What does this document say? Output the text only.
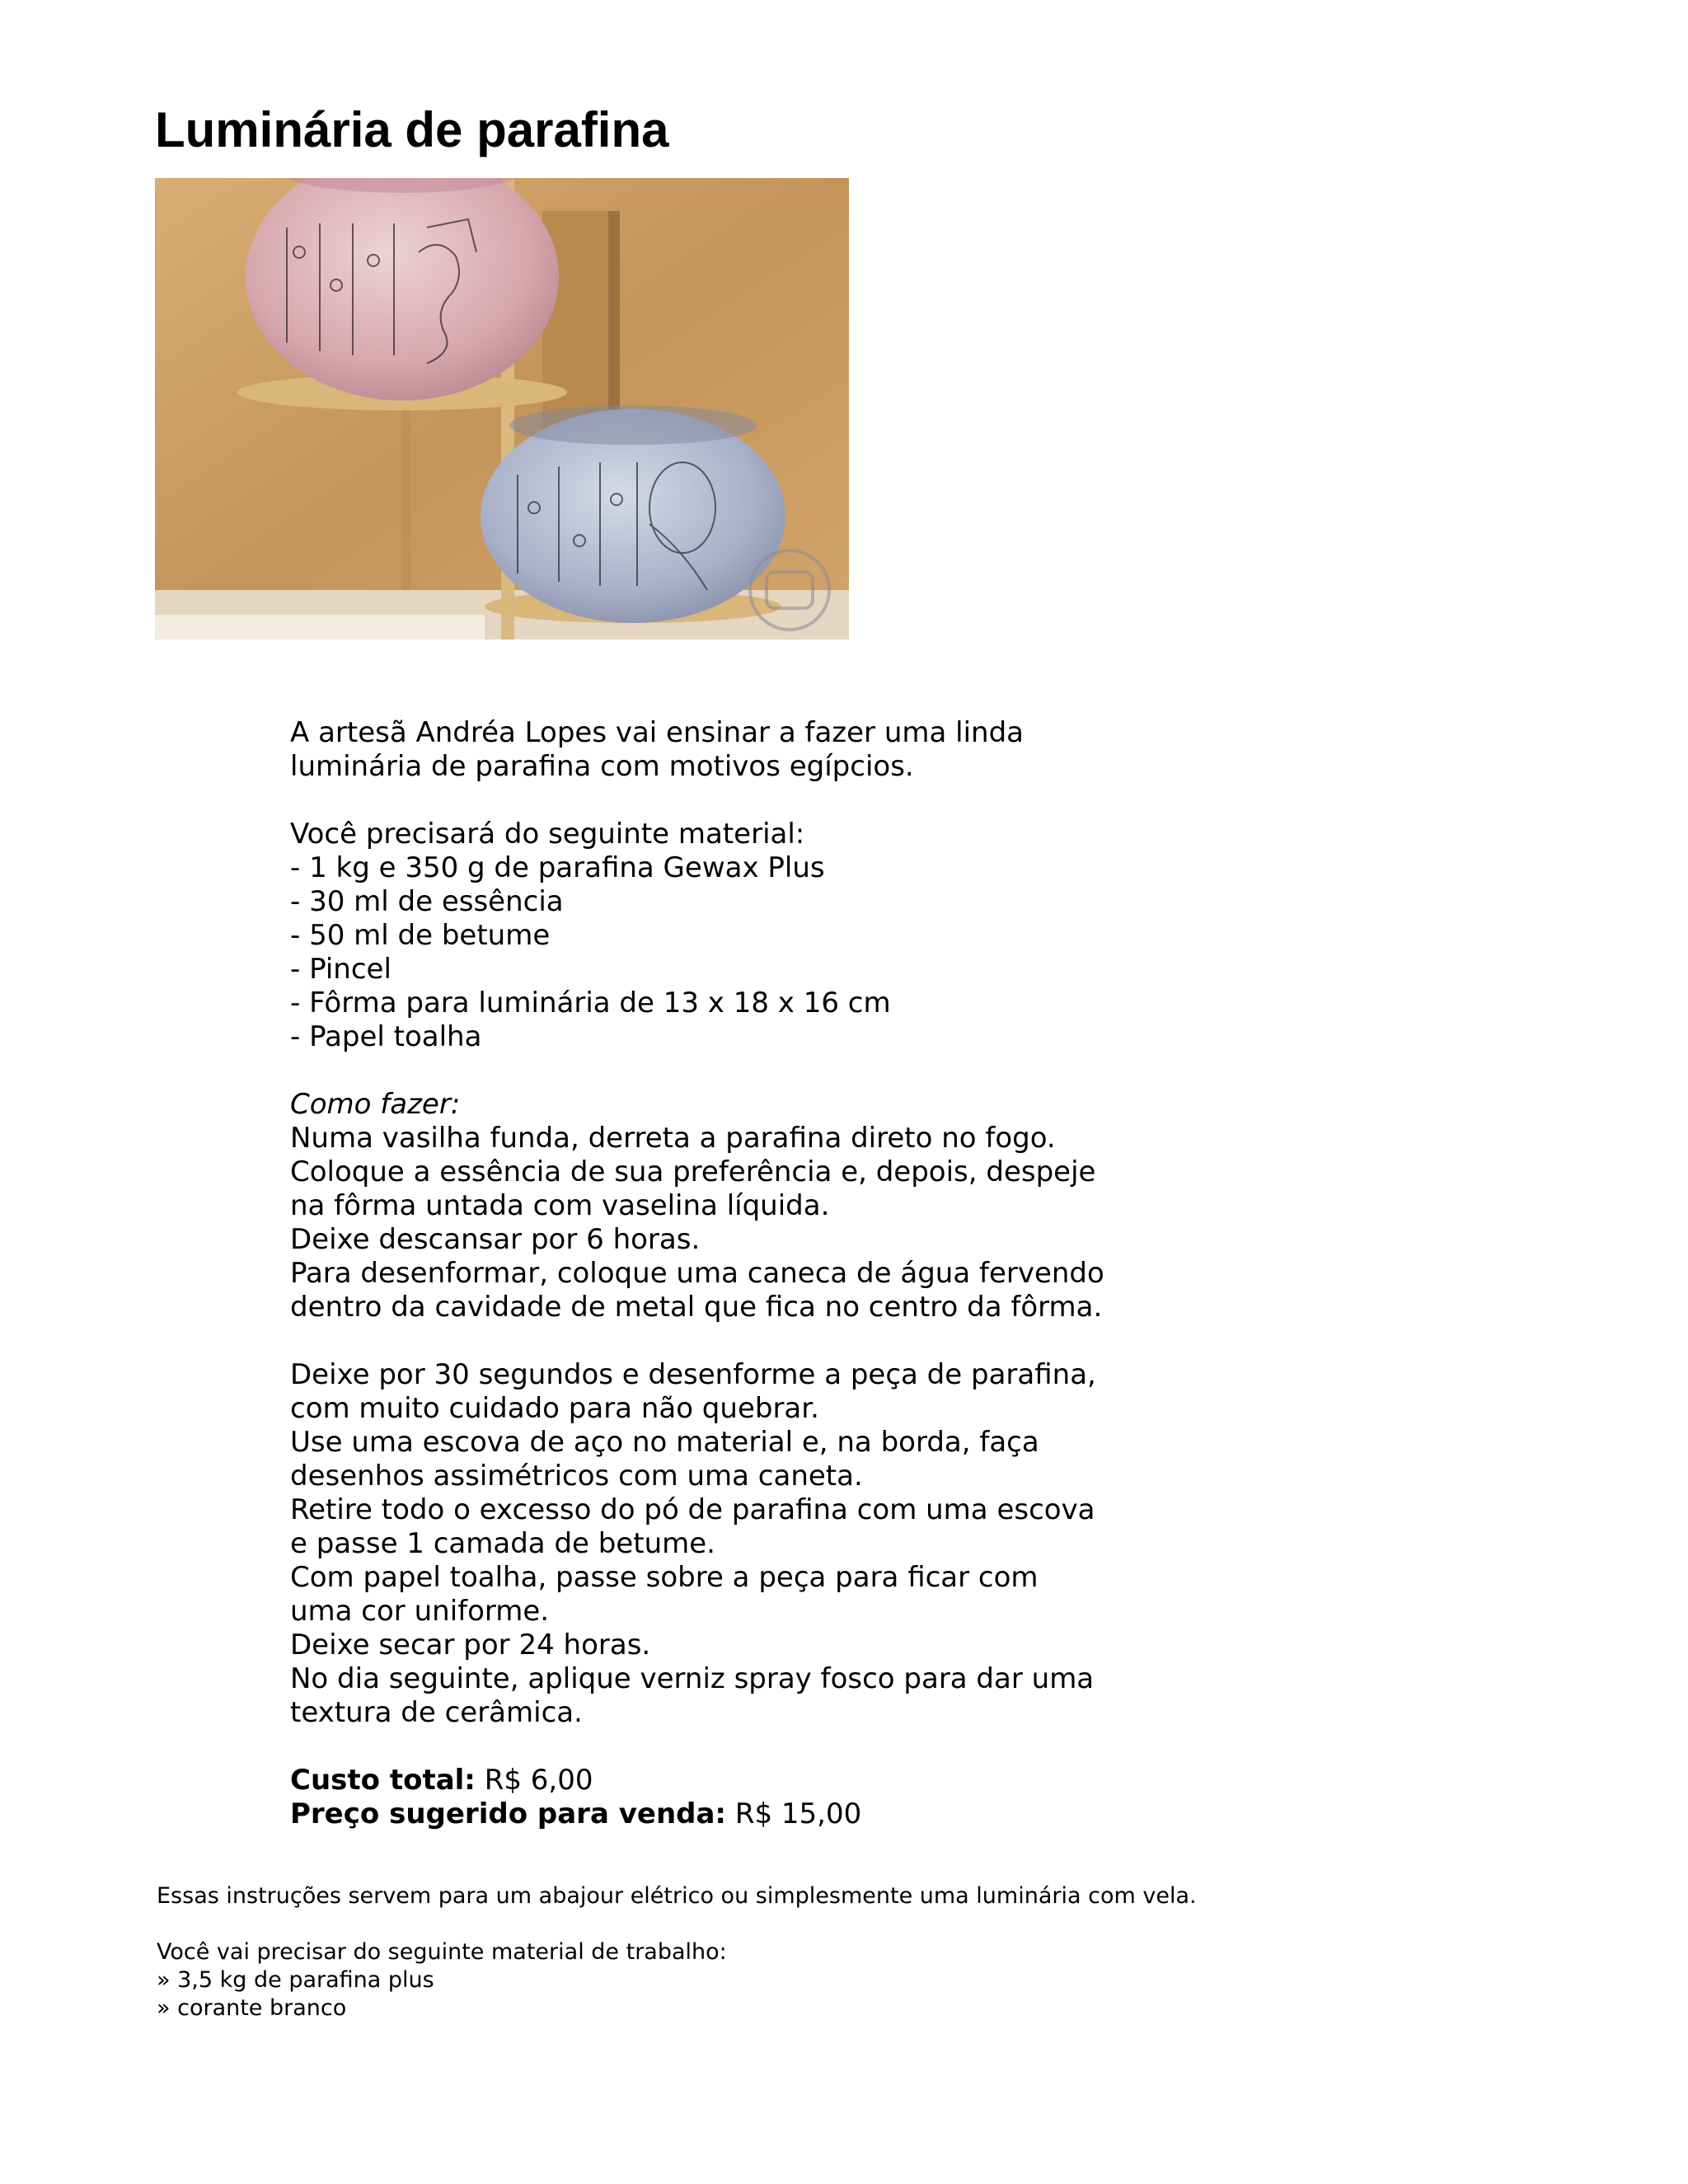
Luminária de parafina

A artesã Andréa Lopes vai ensinar a fazer uma linda
luminária de parafina com motivos egípcios.

Você precisará do seguinte material:
- 1 kg e 350 g de parafina Gewax Plus
- 30 ml de essência
- 50 ml de betume
- Pincel
- Fôrma para luminária de 13 x 18 x 16 cm
- Papel toalha

Como fazer:
Numa vasilha funda, derreta a parafina direto no fogo.
Coloque a essência de sua preferência e, depois, despeje
na fôrma untada com vaselina líquida.
Deixe descansar por 6 horas.
Para desenformar, coloque uma caneca de água fervendo
dentro da cavidade de metal que fica no centro da fôrma.

Deixe por 30 segundos e desenforme a peça de parafina,
com muito cuidado para não quebrar.
Use uma escova de aço no material e, na borda, faça
desenhos assimétricos com uma caneta.
Retire todo o excesso do pó de parafina com uma escova
e passe 1 camada de betume.
Com papel toalha, passe sobre a peça para ficar com
uma cor uniforme.
Deixe secar por 24 horas.
No dia seguinte, aplique verniz spray fosco para dar uma
textura de cerâmica.

Custo total: R$ 6,00
Preço sugerido para venda: R$ 15,00

Essas instruções servem para um abajour elétrico ou simplesmente uma luminária com vela.
Você vai precisar do seguinte material de trabalho:
» 3,5 kg de parafina plus
» corante branco
